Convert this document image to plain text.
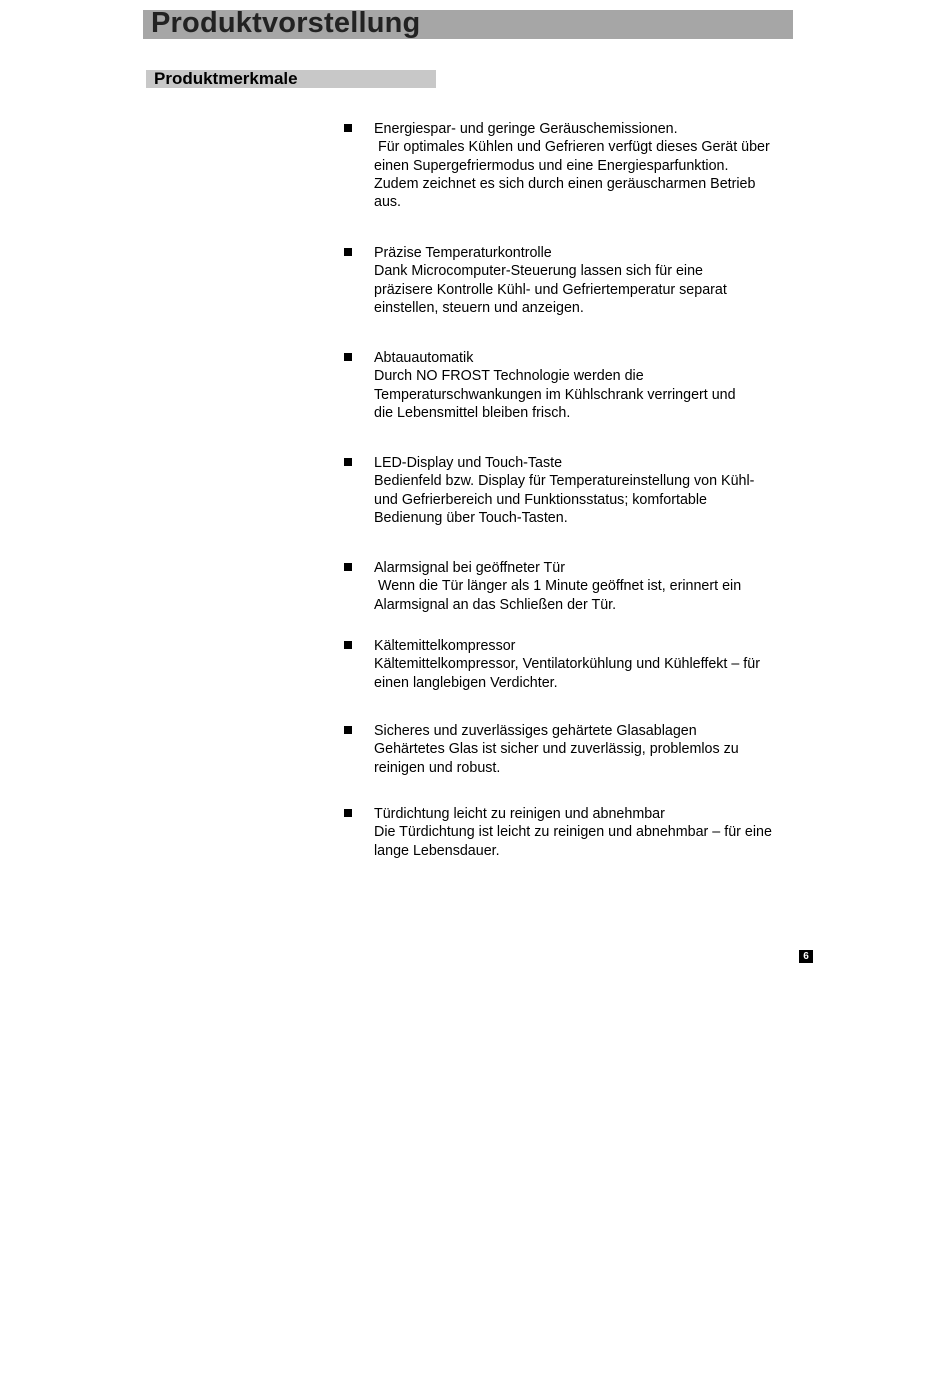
Produktvorstellung
Produktmerkmale
Energiespar- und geringe Geräuschemissionen.
Für optimales Kühlen und Gefrieren verfügt dieses Gerät über
einen Supergefriermodus und eine Energiesparfunktion.
Zudem zeichnet es sich durch einen geräuscharmen Betrieb
aus.
Präzise Temperaturkontrolle
Dank Microcomputer-Steuerung lassen sich für eine
präzisere Kontrolle Kühl- und Gefriertemperatur separat
einstellen, steuern und anzeigen.
Abtauautomatik
Durch NO FROST Technologie werden die
Temperaturschwankungen im Kühlschrank verringert und
die Lebensmittel bleiben frisch.
LED-Display und Touch-Taste
Bedienfeld bzw. Display für Temperatureinstellung von Kühl-
und Gefrierbereich und Funktionsstatus; komfortable
Bedienung über Touch-Tasten.
Alarmsignal bei geöffneter Tür
Wenn die Tür länger als 1 Minute geöffnet ist, erinnert ein
Alarmsignal an das Schließen der Tür.
Kältemittelkompressor
Kältemittelkompressor, Ventilatorkühlung und Kühleffekt – für
einen langlebigen Verdichter.
Sicheres und zuverlässiges gehärtete Glasablagen
Gehärtetes Glas ist sicher und zuverlässig, problemlos zu
reinigen und robust.
Türdichtung leicht zu reinigen und abnehmbar
Die Türdichtung ist leicht zu reinigen und abnehmbar – für eine
lange Lebensdauer.
6
